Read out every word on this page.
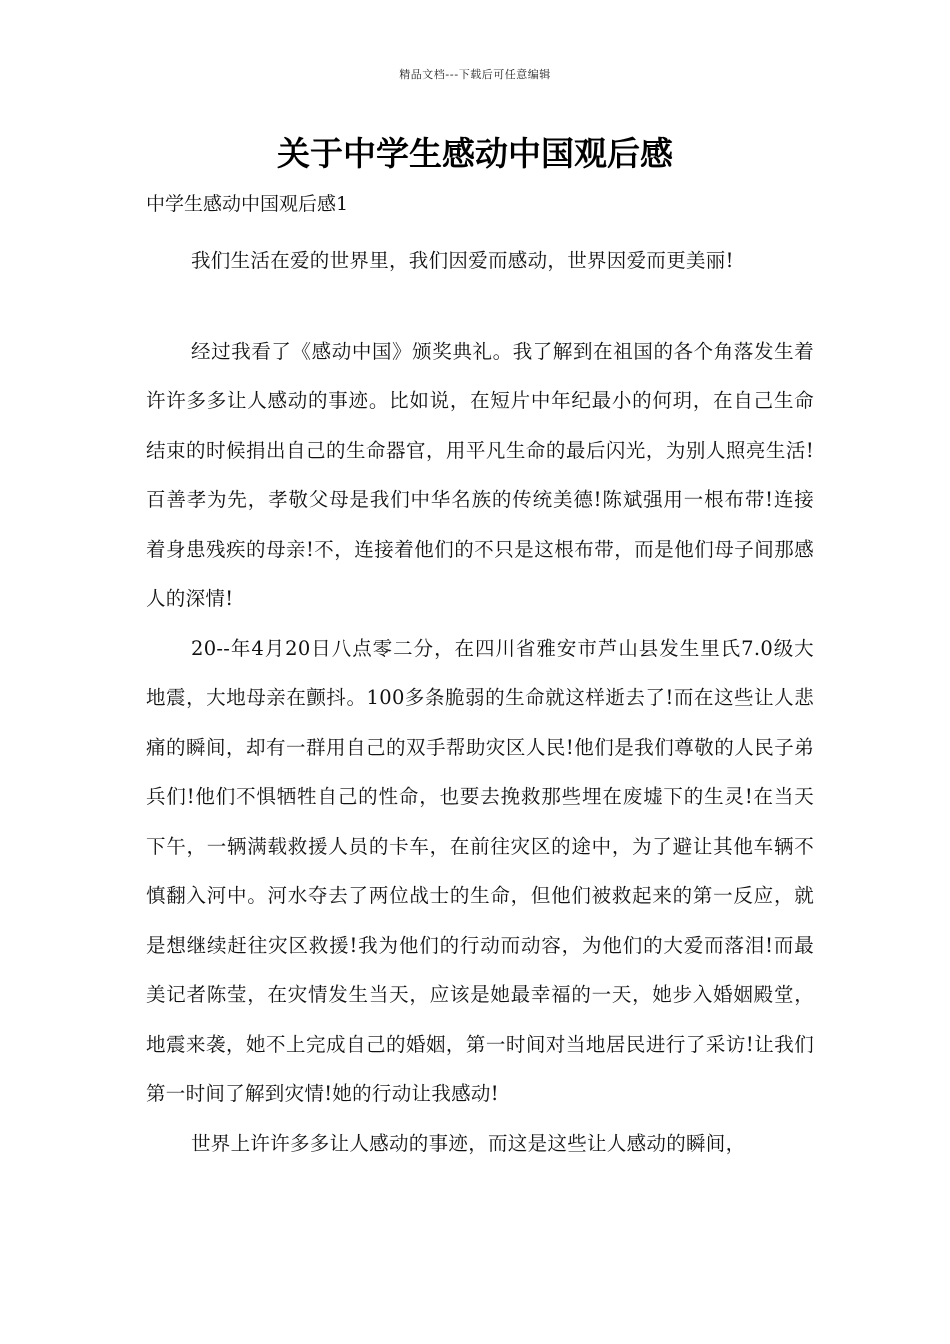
精品文档---下载后可任意编辑
关于中学生感动中国观后感
中学生感动中国观后感1

我们生活在爱的世界里，我们因爱而感动，世界因爱而更美丽!

经过我看了《感动中国》颁奖典礼。我了解到在祖国的各个角落发生着许许多多让人感动的事迹。比如说，在短片中年纪最小的何玥，在自己生命结束的时候捐出自己的生命器官，用平凡生命的最后闪光，为别人照亮生活!百善孝为先，孝敬父母是我们中华名族的传统美德!陈斌强用一根布带!连接着身患残疾的母亲!不，连接着他们的不只是这根布带，而是他们母子间那感人的深情!

20--年4月20日八点零二分，在四川省雅安市芦山县发生里氏7.0级大地震，大地母亲在颤抖。100多条脆弱的生命就这样逝去了!而在这些让人悲痛的瞬间，却有一群用自己的双手帮助灾区人民!他们是我们尊敬的人民子弟兵们!他们不惧牺牲自己的性命，也要去挽救那些埋在废墟下的生灵!在当天下午，一辆满载救援人员的卡车，在前往灾区的途中，为了避让其他车辆不慎翻入河中。河水夺去了两位战士的生命，但他们被救起来的第一反应，就是想继续赶往灾区救援!我为他们的行动而动容，为他们的大爱而落泪!而最美记者陈莹，在灾情发生当天，应该是她最幸福的一天，她步入婚姻殿堂，地震来袭，她不上完成自己的婚姻，第一时间对当地居民进行了采访!让我们第一时间了解到灾情!她的行动让我感动!

世界上许许多多让人感动的事迹，而这是这些让人感动的瞬间，
